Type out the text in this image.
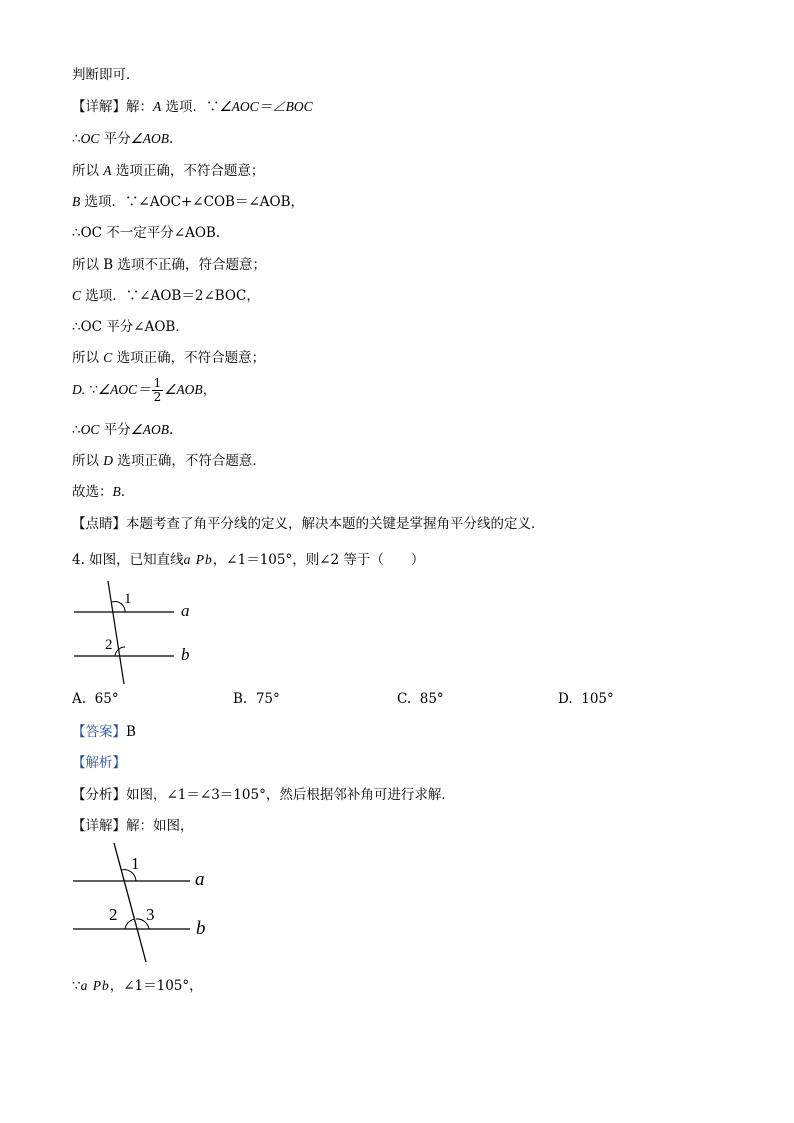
判断即可．
【详解】解：A 选项．∵∠AOC＝∠BOC
∴OC 平分∠AOB.
所以 A 选项正确，不符合题意；
B 选项．∵∠AOC+∠COB＝∠AOB，
∴OC 不一定平分∠AOB．
所以 B 选项不正确，符合题意；
C 选项．∵∠AOB＝2∠BOC，
∴OC 平分∠AOB．
所以 C 选项正确，不符合题意；
D. ∵∠AOC＝ $\frac{1}{2}$ ∠AOB，
∴OC 平分∠AOB.
所以 D 选项正确，不符合题意．
故选：B.
【点睛】本题考查了角平分线的定义，解决本题的关键是掌握角平分线的定义．
4. 如图，已知直线a Pb，∠1＝105°，则∠2 等于（　　）
1
2
a
b
A. 65°	B. 75°	C. 85°	D. 105°
【答案】B
【解析】
【分析】如图，∠1＝∠3＝105°，然后根据邻补角可进行求解．
【详解】解：如图，
1
2 3
a
b
∵a Pb，∠1＝105°，
